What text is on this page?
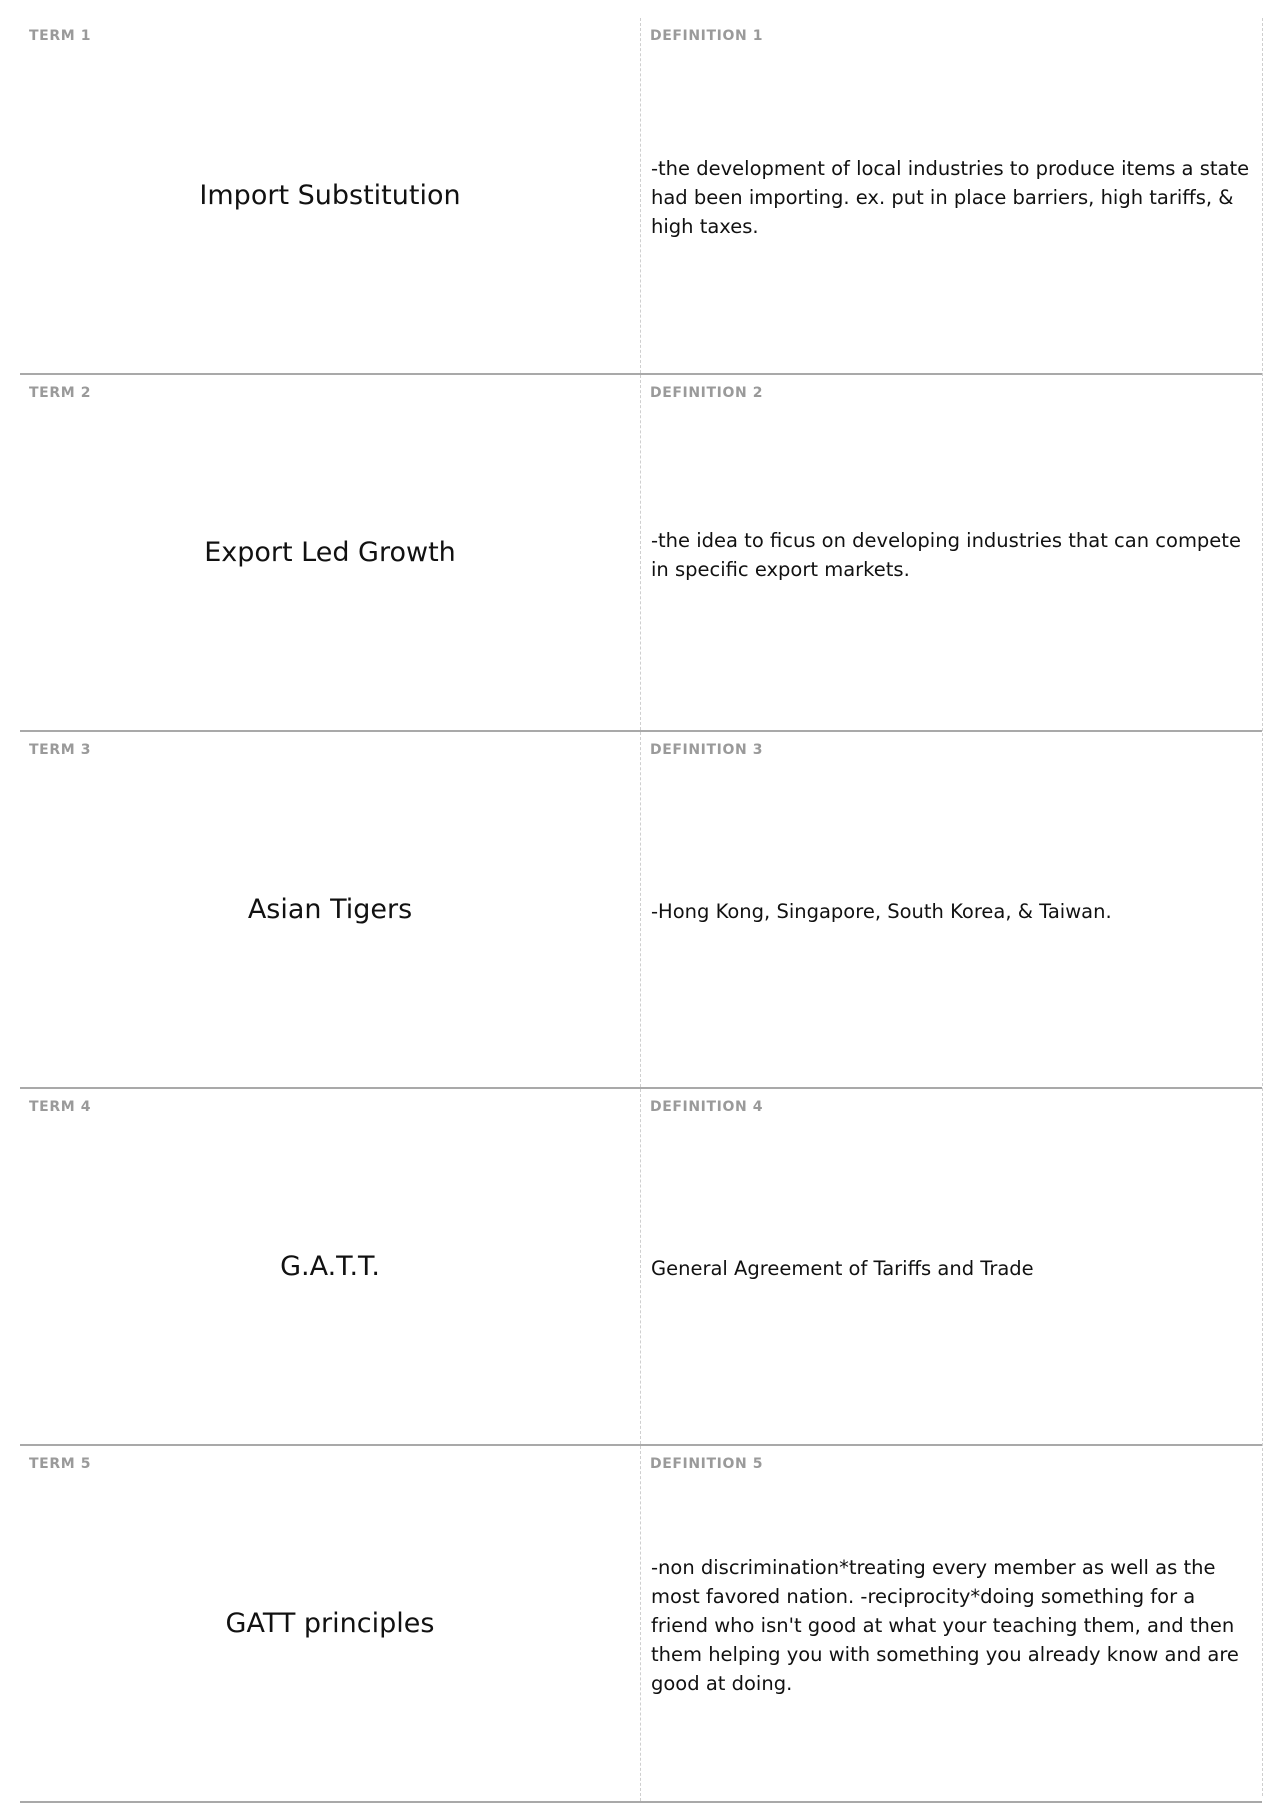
TERM 1
Import Substitution
DEFINITION 1
-the development of local industries to produce items a state had been importing. ex. put in place barriers, high tariffs, & high taxes.
TERM 2
Export Led Growth
DEFINITION 2
-the idea to ficus on developing industries that can compete in specific export markets.
TERM 3
Asian Tigers
DEFINITION 3
-Hong Kong, Singapore, South Korea, & Taiwan.
TERM 4
G.A.T.T.
DEFINITION 4
General Agreement of Tariffs and Trade
TERM 5
GATT principles
DEFINITION 5
-non discrimination*treating every member as well as the most favored nation. -reciprocity*doing something for a friend who isn't good at what your teaching them, and then them helping you with something you already know and are good at doing.
